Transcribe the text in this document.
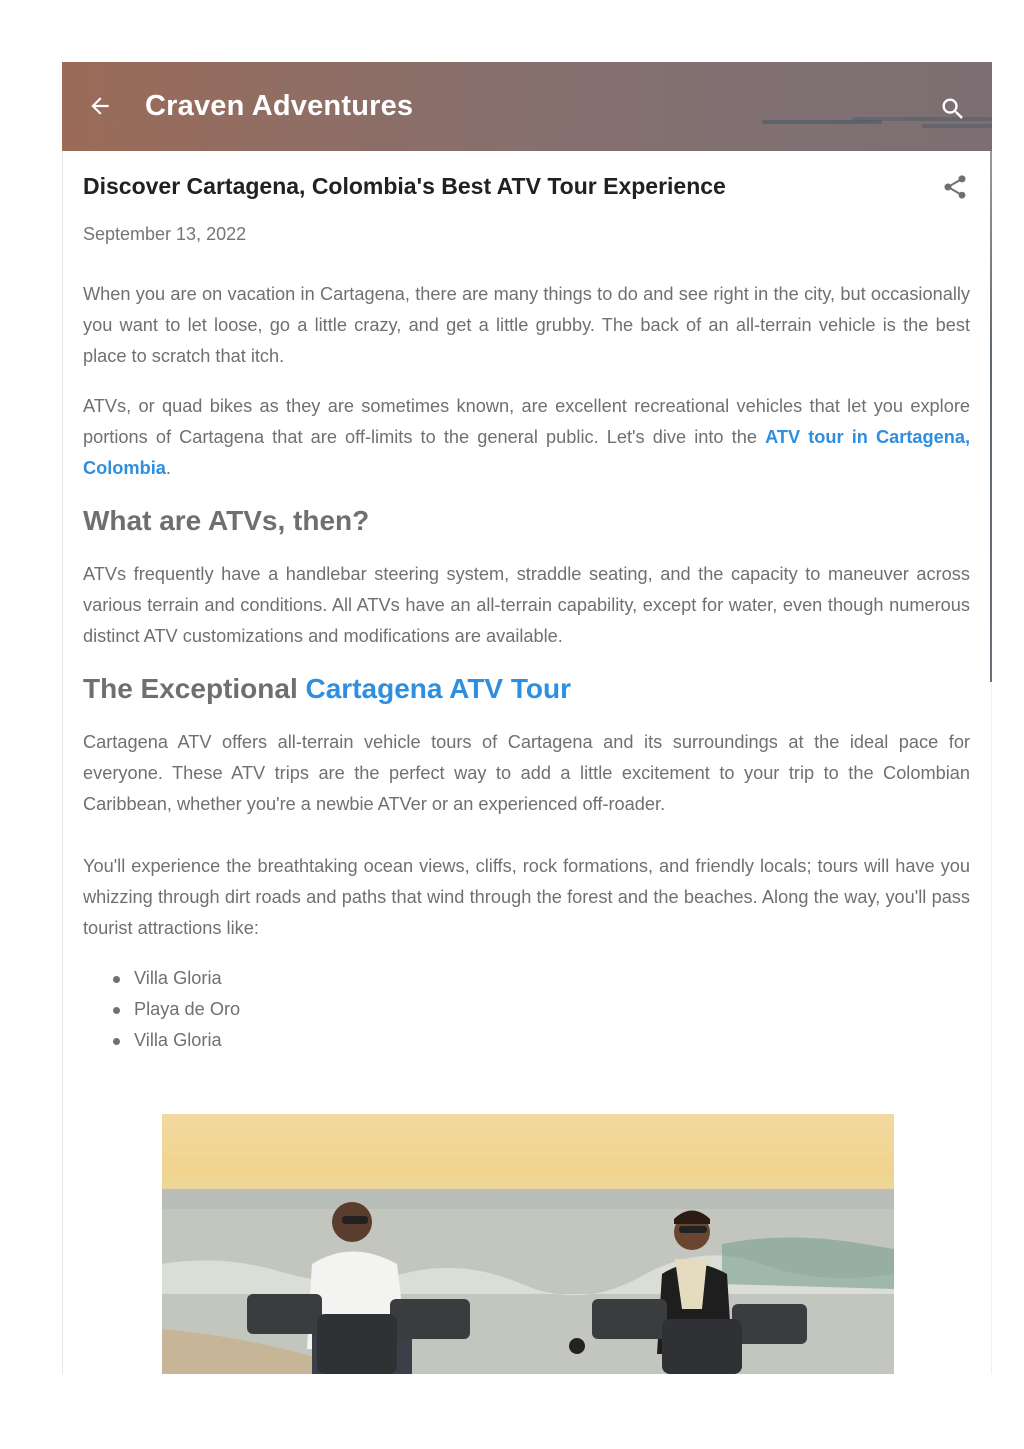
Craven Adventures
Discover Cartagena, Colombia's Best ATV Tour Experience
September 13, 2022

When you are on vacation in Cartagena, there are many things to do and see right in the city, but occasionally you want to let loose, go a little crazy, and get a little grubby. The back of an all-terrain vehicle is the best place to scratch that itch.

ATVs, or quad bikes as they are sometimes known, are excellent recreational vehicles that let you explore portions of Cartagena that are off-limits to the general public. Let's dive into the ATV tour in Cartagena, Colombia.

What are ATVs, then?

ATVs frequently have a handlebar steering system, straddle seating, and the capacity to maneuver across various terrain and conditions. All ATVs have an all-terrain capability, except for water, even though numerous distinct ATV customizations and modifications are available.

The Exceptional Cartagena ATV Tour

Cartagena ATV offers all-terrain vehicle tours of Cartagena and its surroundings at the ideal pace for everyone. These ATV trips are the perfect way to add a little excitement to your trip to the Colombian Caribbean, whether you're a newbie ATVer or an experienced off-roader.

You'll experience the breathtaking ocean views, cliffs, rock formations, and friendly locals; tours will have you whizzing through dirt roads and paths that wind through the forest and the beaches. Along the way, you'll pass tourist attractions like:

Villa Gloria
Playa de Oro
Villa Gloria
